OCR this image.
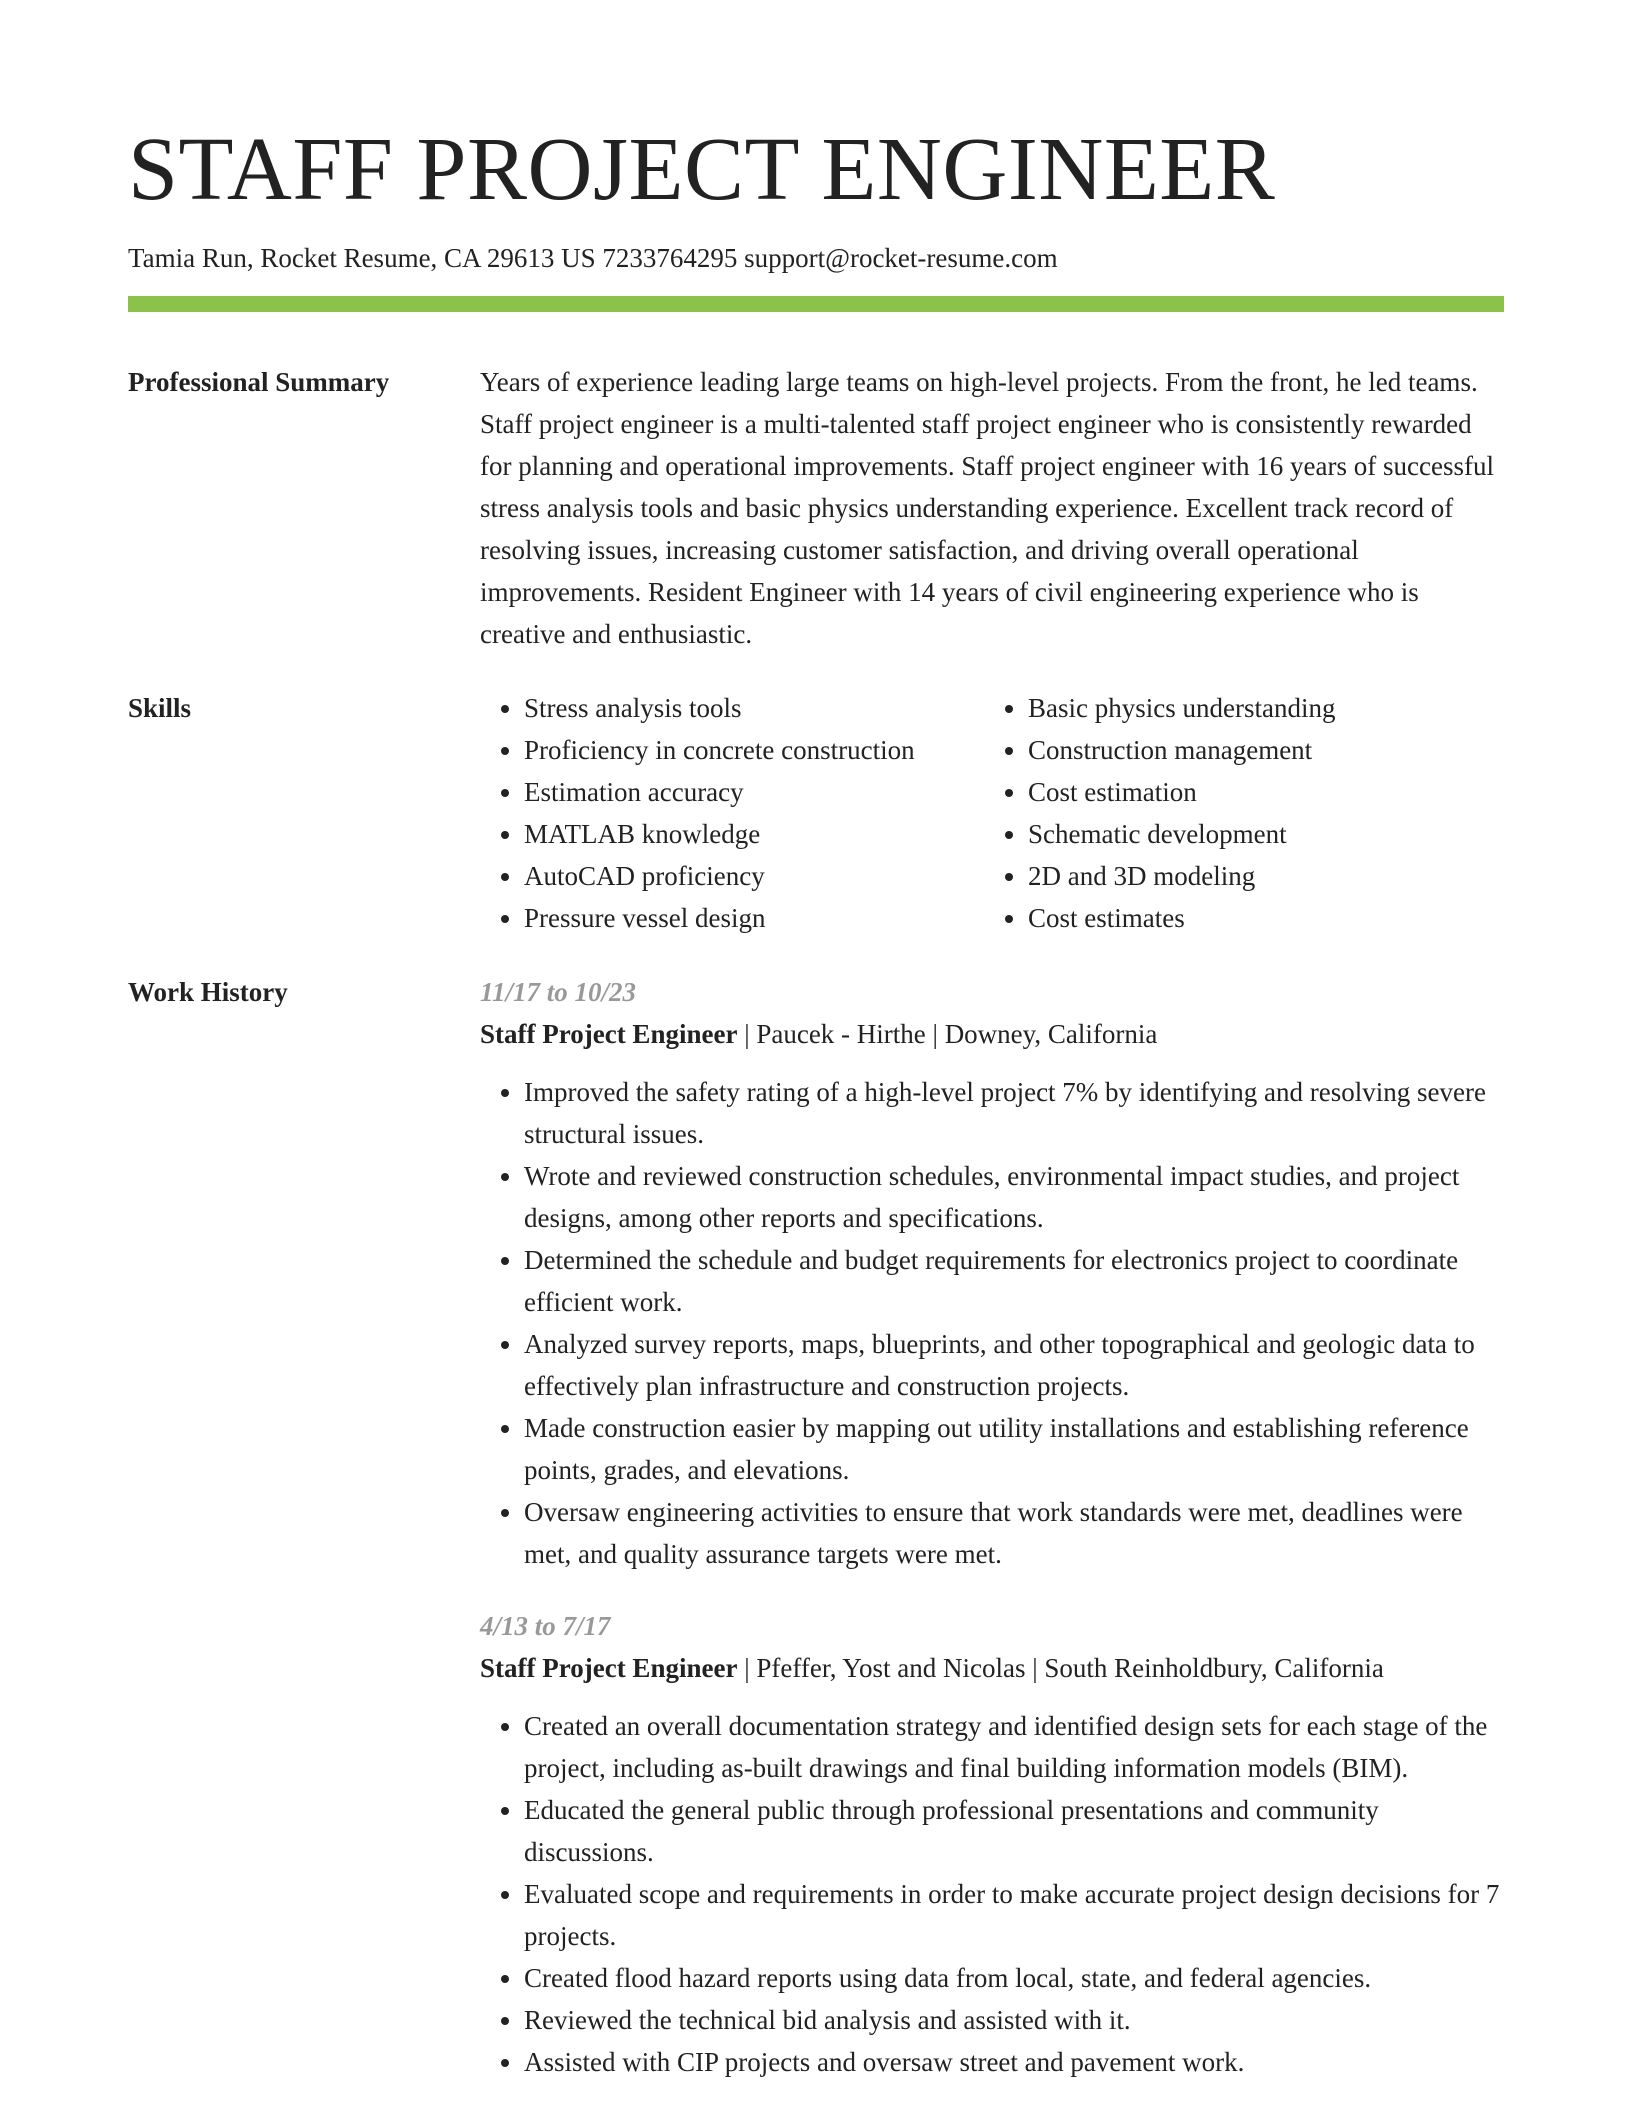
STAFF PROJECT ENGINEER
Tamia Run, Rocket Resume, CA 29613 US 7233764295 support@rocket-resume.com
Professional Summary	Years of experience leading large teams on high-level projects. From the front, he led teams. Staff project engineer is a multi-talented staff project engineer who is consistently rewarded for planning and operational improvements. Staff project engineer with 16 years of successful stress analysis tools and basic physics understanding experience. Excellent track record of resolving issues, increasing customer satisfaction, and driving overall operational improvements. Resident Engineer with 14 years of civil engineering experience who is creative and enthusiastic.
Skills	• Stress analysis tools
• Proficiency in concrete construction
• Estimation accuracy
• MATLAB knowledge
• AutoCAD proficiency
• Pressure vessel design
• Basic physics understanding
• Construction management
• Cost estimation
• Schematic development
• 2D and 3D modeling
• Cost estimates
Work History	11/17 to 10/23
Staff Project Engineer | Paucek - Hirthe | Downey, California
• Improved the safety rating of a high-level project 7% by identifying and resolving severe structural issues.
• Wrote and reviewed construction schedules, environmental impact studies, and project designs, among other reports and specifications.
• Determined the schedule and budget requirements for electronics project to coordinate efficient work.
• Analyzed survey reports, maps, blueprints, and other topographical and geologic data to effectively plan infrastructure and construction projects.
• Made construction easier by mapping out utility installations and establishing reference points, grades, and elevations.
• Oversaw engineering activities to ensure that work standards were met, deadlines were met, and quality assurance targets were met.
4/13 to 7/17
Staff Project Engineer | Pfeffer, Yost and Nicolas | South Reinholdbury, California
• Created an overall documentation strategy and identified design sets for each stage of the project, including as-built drawings and final building information models (BIM).
• Educated the general public through professional presentations and community discussions.
• Evaluated scope and requirements in order to make accurate project design decisions for 7 projects.
• Created flood hazard reports using data from local, state, and federal agencies.
• Reviewed the technical bid analysis and assisted with it.
• Assisted with CIP projects and oversaw street and pavement work.
